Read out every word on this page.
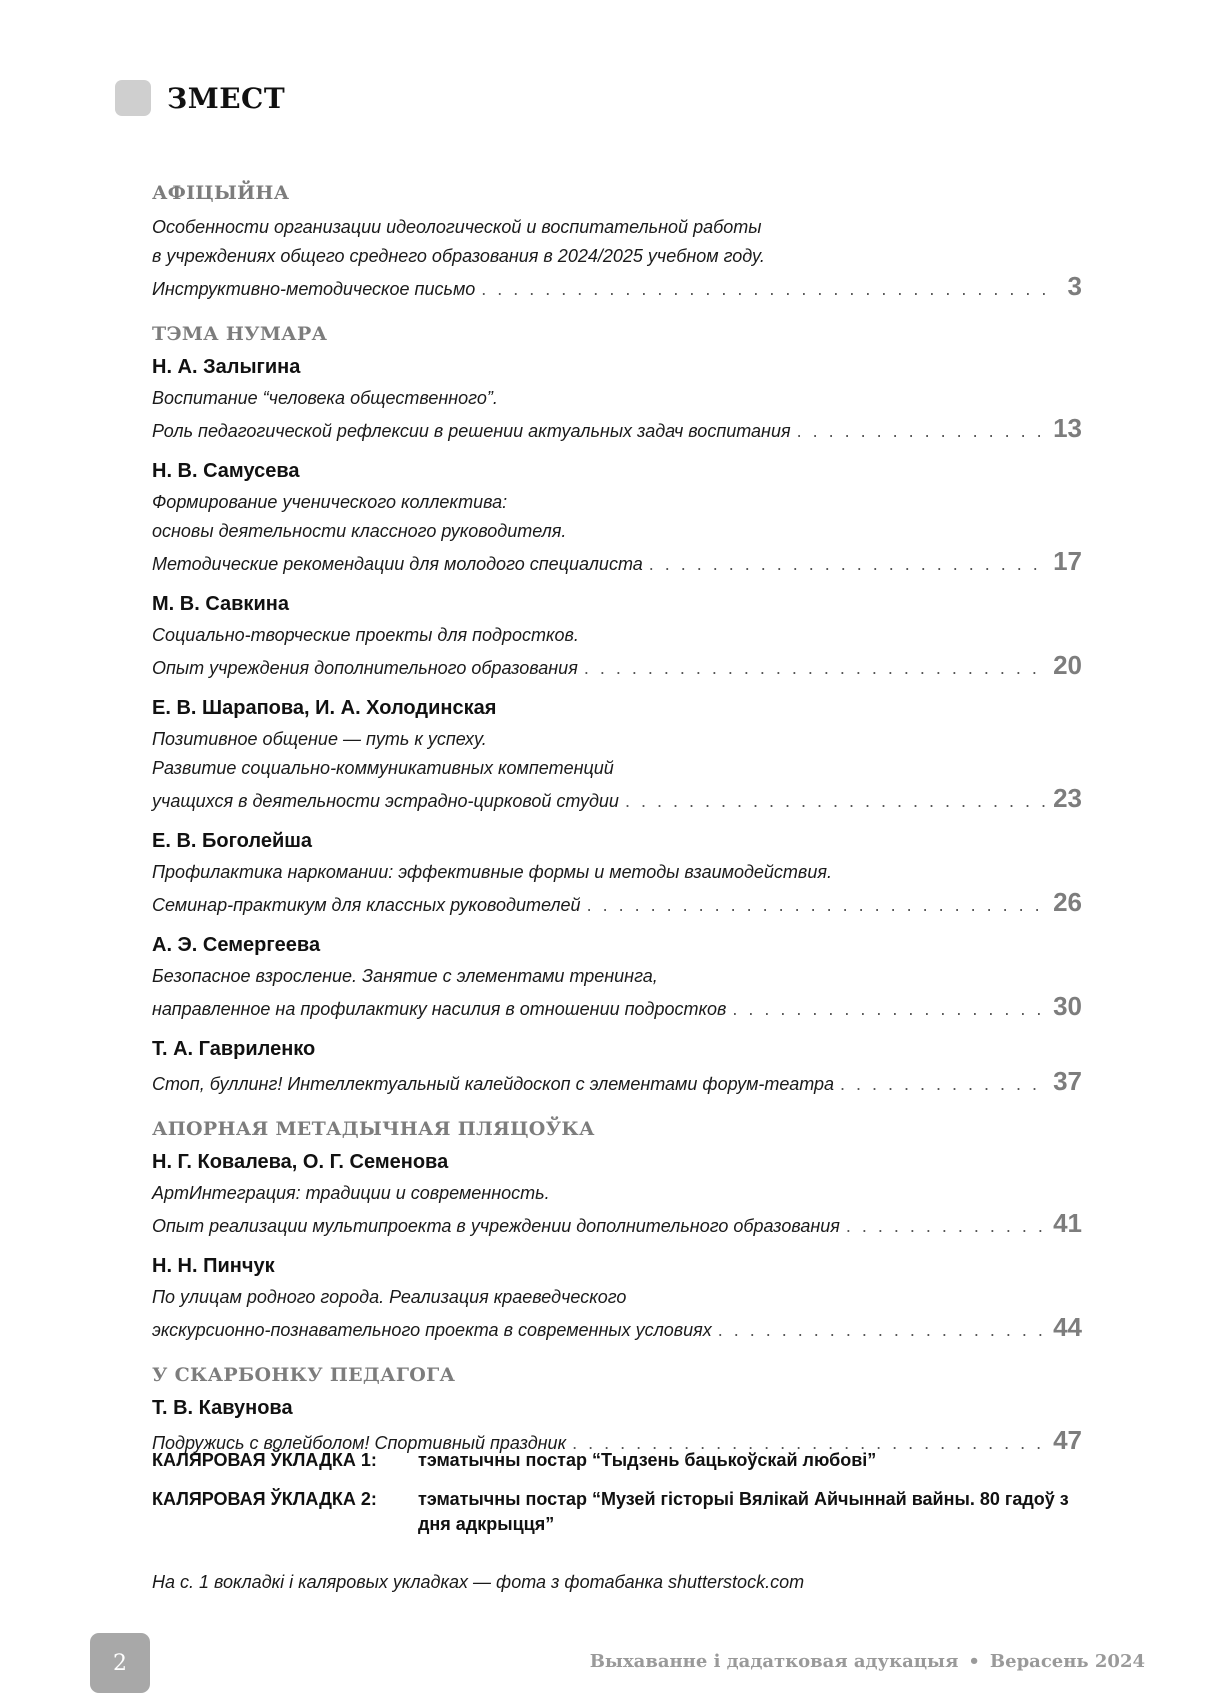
ЗМЕСТ
АФІЦЫЙНА
Особенности организации идеологической и воспитательной работы
в учреждениях общего среднего образования в 2024/2025 учебном году.
Инструктивно-методическое письмо . . .	3
ТЭМА НУМАРА
Н. А. Залыгина
Воспитание “человека общественного”.
Роль педагогической рефлексии в решении актуальных задач воспитания . . .	13
Н. В. Самусева
Формирование ученического коллектива:
основы деятельности классного руководителя.
Методические рекомендации для молодого специалиста . . .	17
М. В. Савкина
Социально-творческие проекты для подростков.
Опыт учреждения дополнительного образования . . .	20
Е. В. Шарапова, И. А. Холодинская
Позитивное общение — путь к успеху.
Развитие социально-коммуникативных компетенций
учащихся в деятельности эстрадно-цирковой студии . . .	23
Е. В. Боголейша
Профилактика наркомании: эффективные формы и методы взаимодействия.
Семинар-практикум для классных руководителей . . .	26
А. Э. Семергеева
Безопасное взросление. Занятие с элементами тренинга,
направленное на профилактику насилия в отношении подростков . . .	30
Т. А. Гавриленко
Стоп, буллинг! Интеллектуальный калейдоскоп с элементами форум-театра . . .	37
АПОРНАЯ МЕТАДЫЧНАЯ ПЛЯЦОЎКА
Н. Г. Ковалева, О. Г. Семенова
АртИнтеграция: традиции и современность.
Опыт реализации мультипроекта в учреждении дополнительного образования . . .	41
Н. Н. Пинчук
По улицам родного города. Реализация краеведческого
экскурсионно-познавательного проекта в современных условиях . . .	44
У СКАРБОНКУ ПЕДАГОГА
Т. В. Кавунова
Подружись с волейболом! Спортивный праздник . . .	47
КАЛЯРОВАЯ ЎКЛАДКА 1:	тэматычны постар “Тыдзень бацькоўскай любові”
КАЛЯРОВАЯ ЎКЛАДКА 2:	тэматычны постар “Музей гісторыі Вялікай Айчыннай вайны. 80 гадоў з дня адкрыцця”
На с. 1 вокладкі і каляровых укладках — фота з фотабанка shutterstock.com
2	Выхаванне і дадатковая адукацыя • Верасень 2024
